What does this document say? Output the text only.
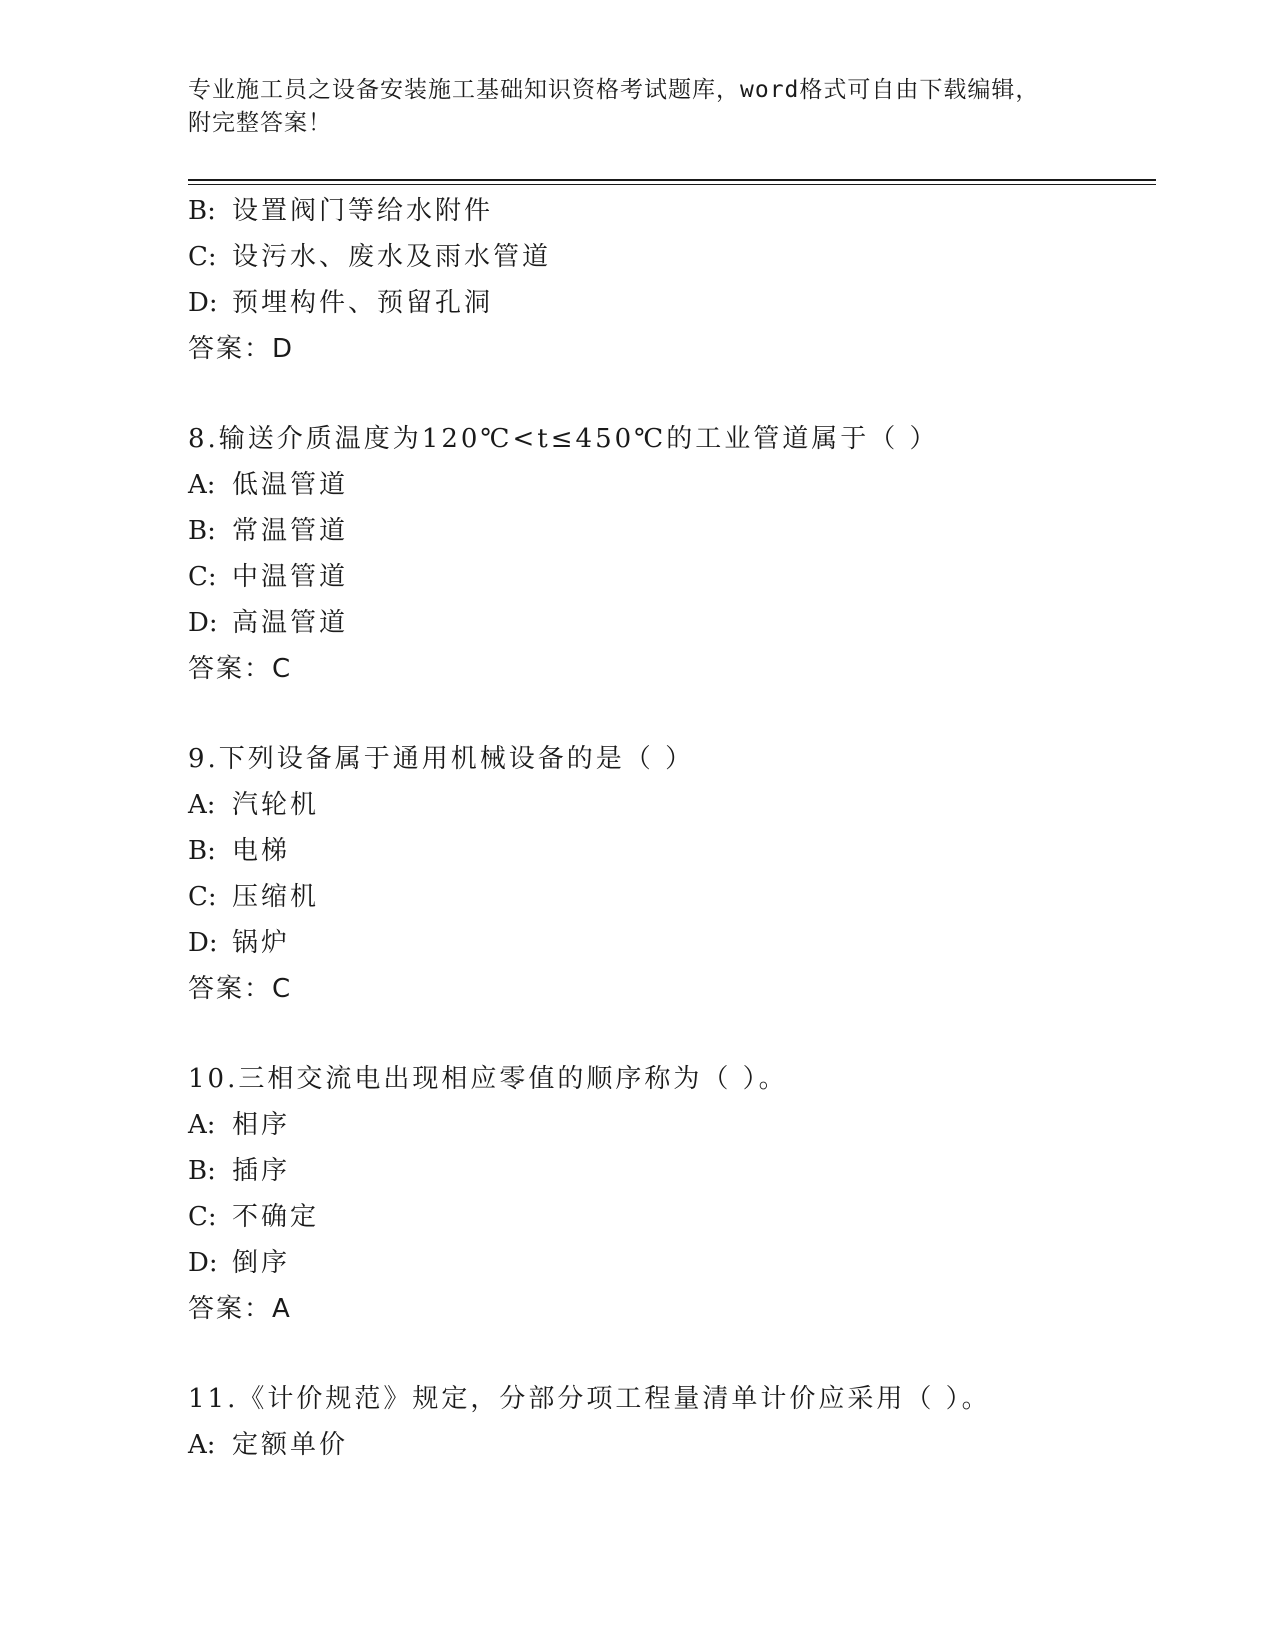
专业施工员之设备安装施工基础知识资格考试题库，word格式可自由下载编辑，
附完整答案！
B: 设置阀门等给水附件
C: 设污水、废水及雨水管道
D: 预埋构件、预留孔洞
答案：D
8.输送介质温度为120℃<t≤450℃的工业管道属于（ ）
A: 低温管道
B: 常温管道
C: 中温管道
D: 高温管道
答案：C
9.下列设备属于通用机械设备的是（ ）
A: 汽轮机
B: 电梯
C: 压缩机
D: 锅炉
答案：C
10.三相交流电出现相应零值的顺序称为（ ）。
A: 相序
B: 插序
C: 不确定
D: 倒序
答案：A
11.《计价规范》规定，分部分项工程量清单计价应采用（ ）。
A: 定额单价
